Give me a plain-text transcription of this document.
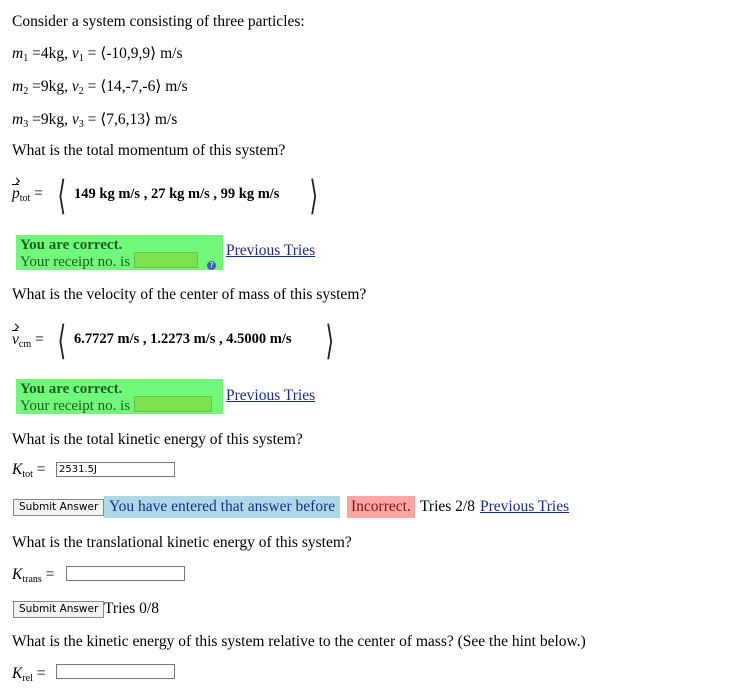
Consider a system consisting of three particles:
$m_1 =4kg$, $v_1$ = ⟨-10,9,9⟩ m/s
$m_2 =9kg$, $v_2$ = ⟨14,-7,-6⟩ m/s
$m_3 =9kg$, $v_3$ = ⟨7,6,13⟩ m/s
What is the total momentum of this system?
$p_{tot}$ = ⟨ 149 kg m/s , 27 kg m/s , 99 kg m/s ⟩
You are correct.
Your receipt no. is	?
Previous Tries
What is the velocity of the center of mass of this system?
$v_{cm}$ = ⟨ 6.7727 m/s , 1.2273 m/s , 4.5000 m/s ⟩
You are correct.
Your receipt no. is
Previous Tries
What is the total kinetic energy of this system?
$K_{tot}$ =
2531.5J
Submit Answer You have entered that answer before	Incorrect. Tries 2/8 Previous Tries
What is the translational kinetic energy of this system?
$K_{trans}$ =
Submit Answer Tries 0/8
What is the kinetic energy of this system relative to the center of mass? (See the hint below.)
$K_{rel}$ =
